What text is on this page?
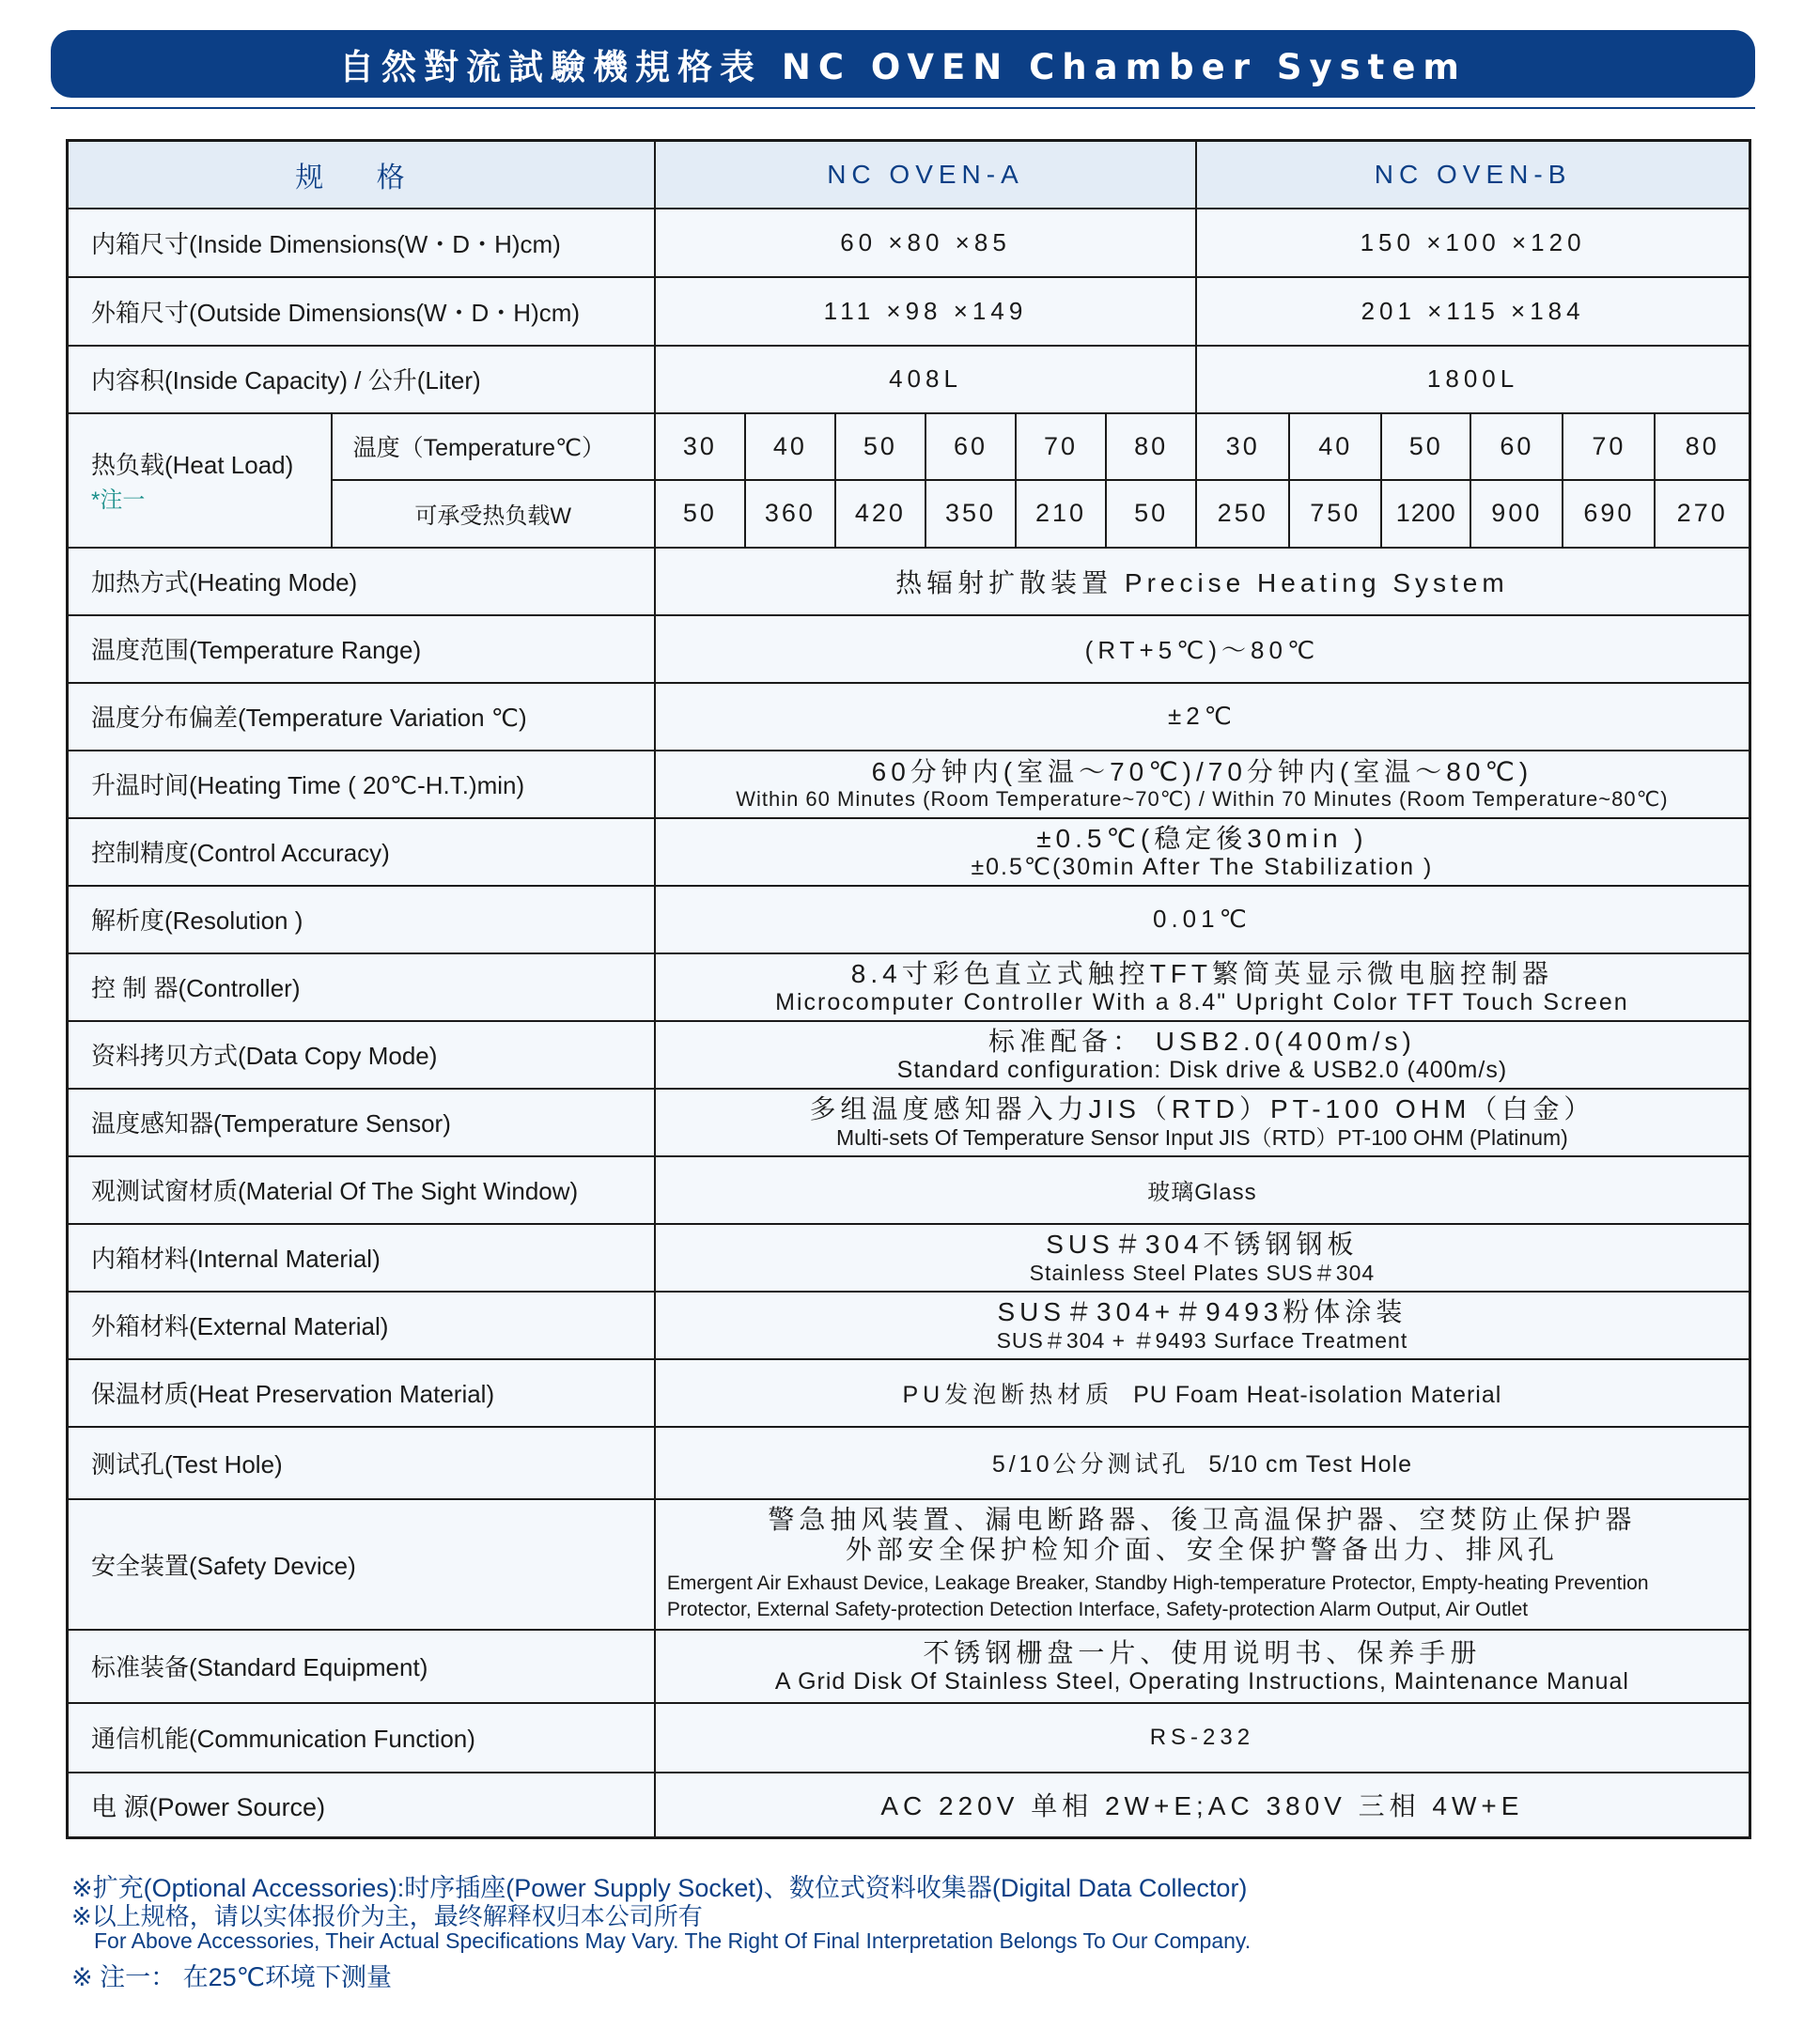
自然對流試驗機規格表 NC OVEN Chamber System
规 格		NC OVEN-A						NC OVEN-B					
内箱尺寸(Inside Dimensions(W・D・H)cm)		60 ×80 ×85						150 ×100 ×120					
外箱尺寸(Outside Dimensions(W・D・H)cm)		111 ×98 ×149						201 ×115 ×184					
内容积(Inside Capacity) / 公升(Liter)		408L						1800L					
热负载(Heat Load)
*注一	温度（Temperature℃）	30	40	50	60	70	80	30	40	50	60	70	80
	可承受热负载W	50	360	420	350	210	50	250	750	1200	900	690	270
加热方式(Heating Mode)		热辐射扩散装置 Precise Heating System											
温度范围(Temperature Range)		(RT+5℃)～80℃											
温度分布偏差(Temperature Variation ℃)		±2℃											
升温时间(Heating Time ( 20℃-H.T.)min)		60分钟内(室温～70℃)/70分钟内(室温～80℃)
Within 60 Minutes (Room Temperature~70℃) / Within 70 Minutes (Room Temperature~80℃)											

控制精度(Control Accuracy)		±0.5℃(稳定後30min )
±0.5℃(30min After The Stabilization )											

解析度(Resolution )		0.01℃											
控 制 器(Controller)		8.4寸彩色直立式触控TFT繁简英显示微电脑控制器
Microcomputer Controller With a 8.4" Upright Color TFT Touch Screen											

资料拷贝方式(Data Copy Mode)		标准配备： USB2.0(400m/s)
Standard configuration: Disk drive & USB2.0 (400m/s)											

温度感知器(Temperature Sensor)		多组温度感知器入力JIS（RTD）PT-100 OHM（白金）
Multi-sets Of Temperature Sensor Input JIS（RTD）PT-100 OHM (Platinum)											

观测试窗材质(Material Of The Sight Window)		玻璃Glass											
内箱材料(Internal Material)		SUS＃304不锈钢钢板
Stainless Steel Plates SUS＃304											

外箱材料(External Material)		SUS＃304+＃9493粉体涂装
SUS＃304 + ＃9493 Surface Treatment											

保温材质(Heat Preservation Material)		PU发泡断热材质 PU Foam Heat-isolation Material											
测试孔(Test Hole)		5/10公分测试孔 5/10 cm Test Hole											
安全装置(Safety Device)		警急抽风装置、漏电断路器、後卫高温保护器、空焚防止保护器
外部安全保护检知介面、安全保护警备出力、排风孔
Emergent Air Exhaust Device, Leakage Breaker, Standby High-temperature Protector, Empty-heating Prevention
Protector, External Safety-protection Detection Interface, Safety-protection Alarm Output, Air Outlet											

标准装备(Standard Equipment)		不锈钢栅盘一片、使用说明书、保养手册
A Grid Disk Of Stainless Steel, Operating Instructions, Maintenance Manual											

通信机能(Communication Function)		RS-232											
电 源(Power Source)		AC 220V 单相 2W+E;AC 380V 三相 4W+E											
※扩充(Optional Accessories):时序插座(Power Supply Socket)、数位式资料收集器(Digital Data Collector)
※以上规格，请以实体报价为主，最终解释权归本公司所有
For Above Accessories, Their Actual Specifications May Vary. The Right Of Final Interpretation Belongs To Our Company.
※ 注一： 在25℃环境下测量
